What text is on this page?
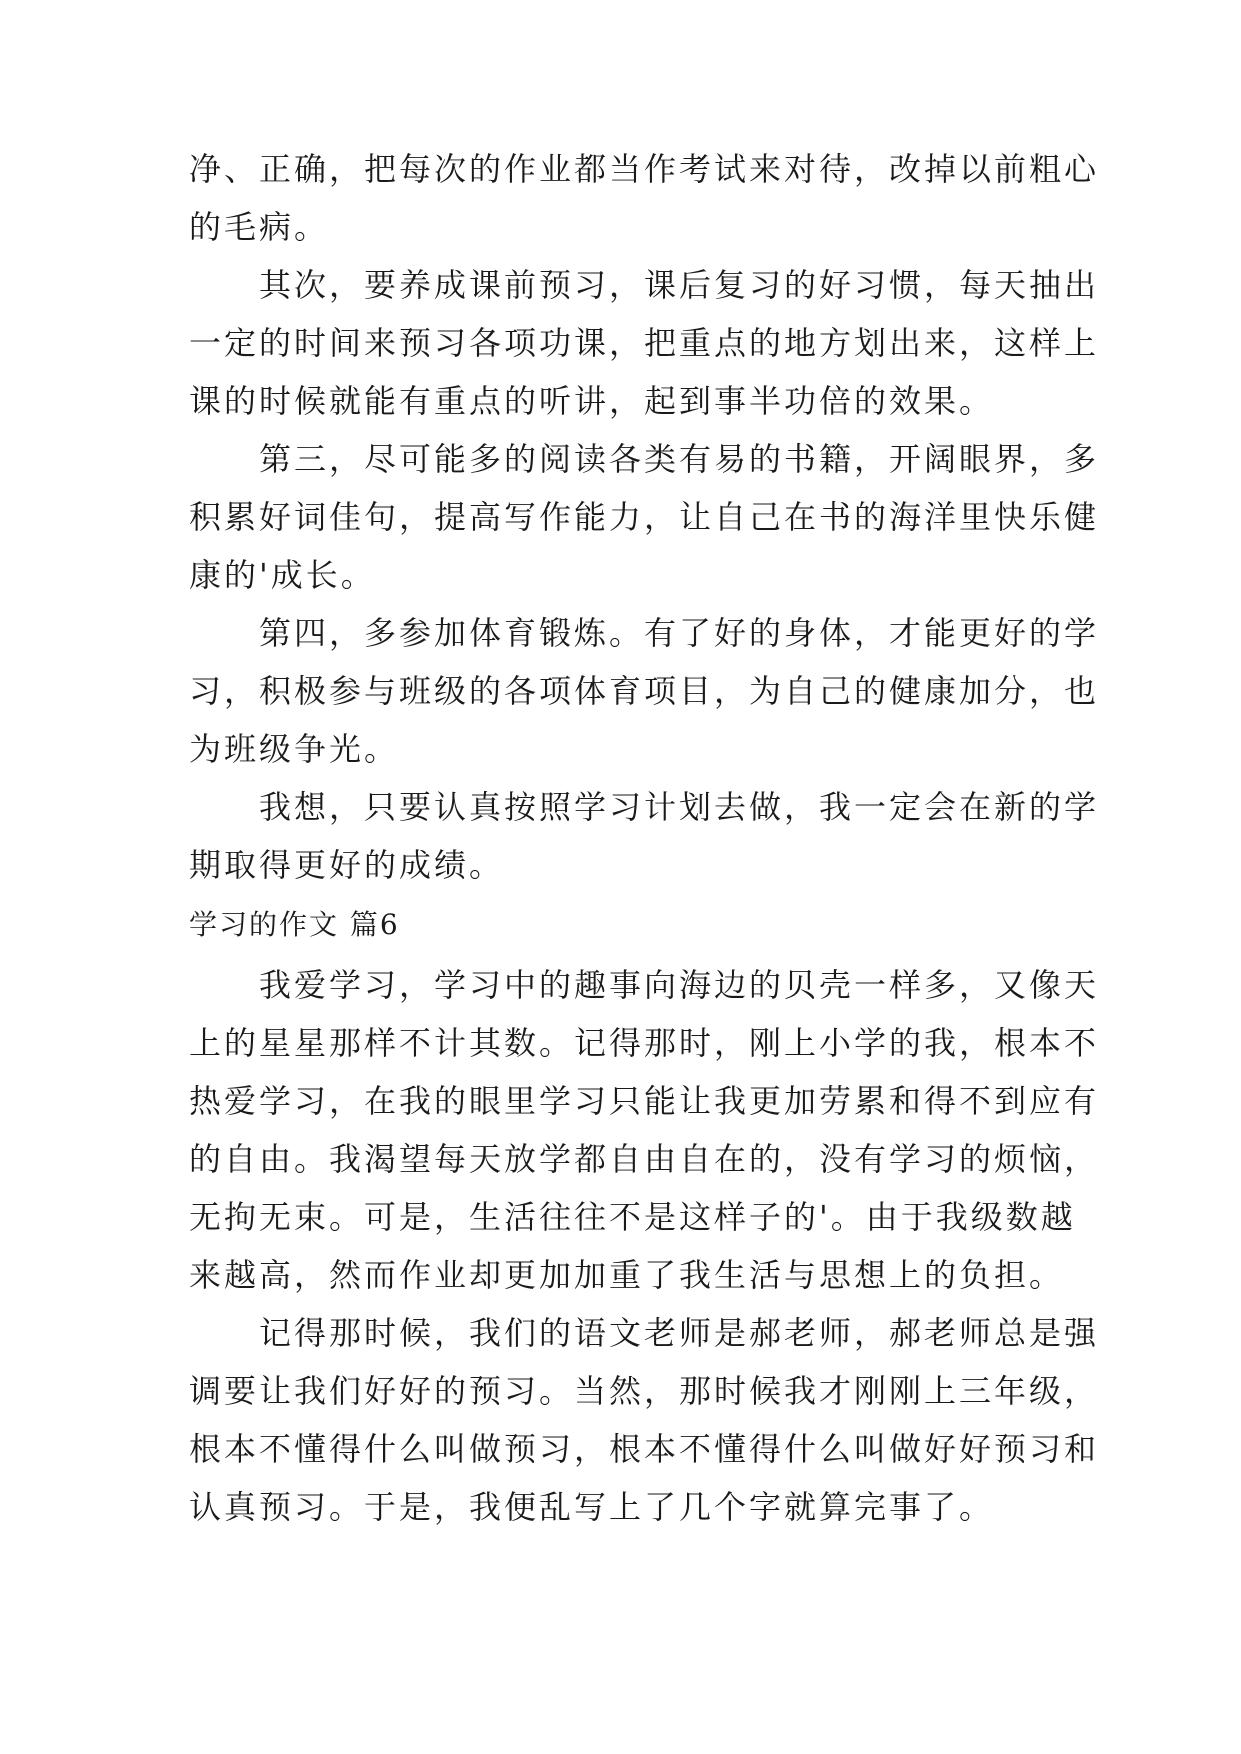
净、正确，把每次的作业都当作考试来对待，改掉以前粗心
的毛病。
其次，要养成课前预习，课后复习的好习惯，每天抽出
一定的时间来预习各项功课，把重点的地方划出来，这样上
课的时候就能有重点的听讲，起到事半功倍的效果。
第三，尽可能多的阅读各类有易的书籍，开阔眼界，多
积累好词佳句，提高写作能力，让自己在书的海洋里快乐健
康的'成长。
第四，多参加体育锻炼。有了好的身体，才能更好的学
习，积极参与班级的各项体育项目，为自己的健康加分，也
为班级争光。
我想，只要认真按照学习计划去做，我一定会在新的学
期取得更好的成绩。
学习的作文 篇6
我爱学习，学习中的趣事向海边的贝壳一样多，又像天
上的星星那样不计其数。记得那时，刚上小学的我，根本不
热爱学习，在我的眼里学习只能让我更加劳累和得不到应有
的自由。我渴望每天放学都自由自在的，没有学习的烦恼，
无拘无束。可是，生活往往不是这样子的'。由于我级数越
来越高，然而作业却更加加重了我生活与思想上的负担。
记得那时候，我们的语文老师是郝老师，郝老师总是强
调要让我们好好的预习。当然，那时候我才刚刚上三年级，
根本不懂得什么叫做预习，根本不懂得什么叫做好好预习和
认真预习。于是，我便乱写上了几个字就算完事了。
